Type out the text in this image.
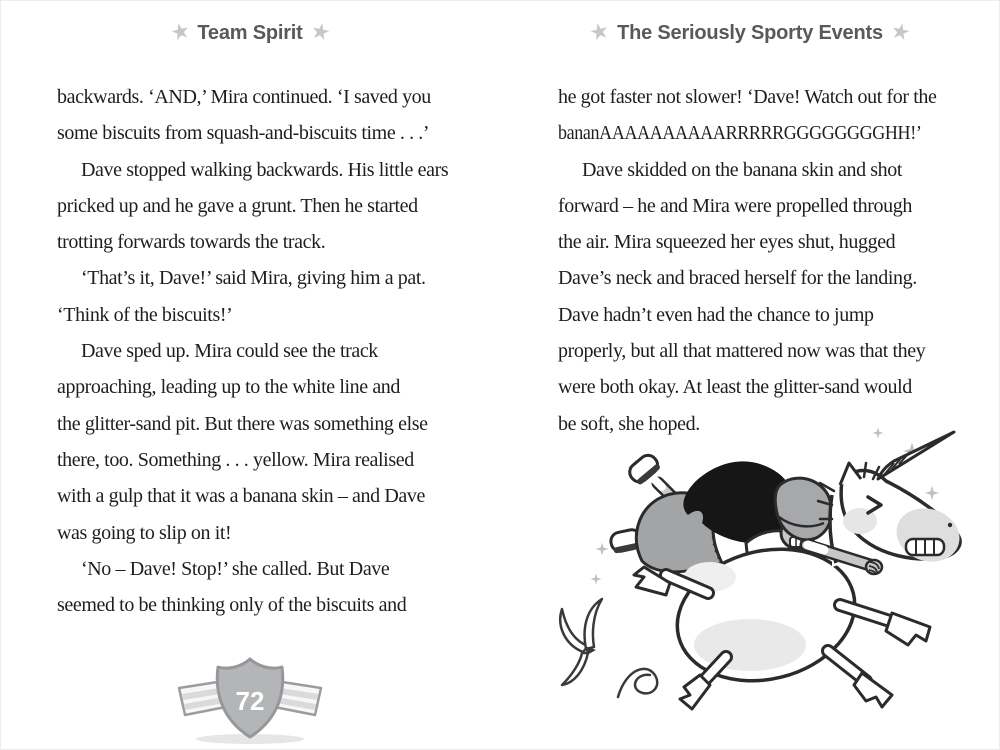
★ Team Spirit ★
backwards. ‘AND,’ Mira continued. ‘I saved you
some biscuits from squash-and-biscuits time . . .’
Dave stopped walking backwards. His little ears
pricked up and he gave a grunt. Then he started
trotting forwards towards the track.
‘That’s it, Dave!’ said Mira, giving him a pat.
‘Think of the biscuits!’
Dave sped up. Mira could see the track
approaching, leading up to the white line and
the glitter-sand pit. But there was something else
there, too. Something . . . yellow. Mira realised
with a gulp that it was a banana skin – and Dave
was going to slip on it!
‘No – Dave! Stop!’ she called. But Dave
seemed to be thinking only of the biscuits and
72
★ The Seriously Sporty Events ★
he got faster not slower! ‘Dave! Watch out for the
bananAAAAAAAAAARRRRRGGGGGGGGHH!’
Dave skidded on the banana skin and shot
forward – he and Mira were propelled through
the air. Mira squeezed her eyes shut, hugged
Dave’s neck and braced herself for the landing.
Dave hadn’t even had the chance to jump
properly, but all that mattered now was that they
were both okay. At least the glitter-sand would
be soft, she hoped.
